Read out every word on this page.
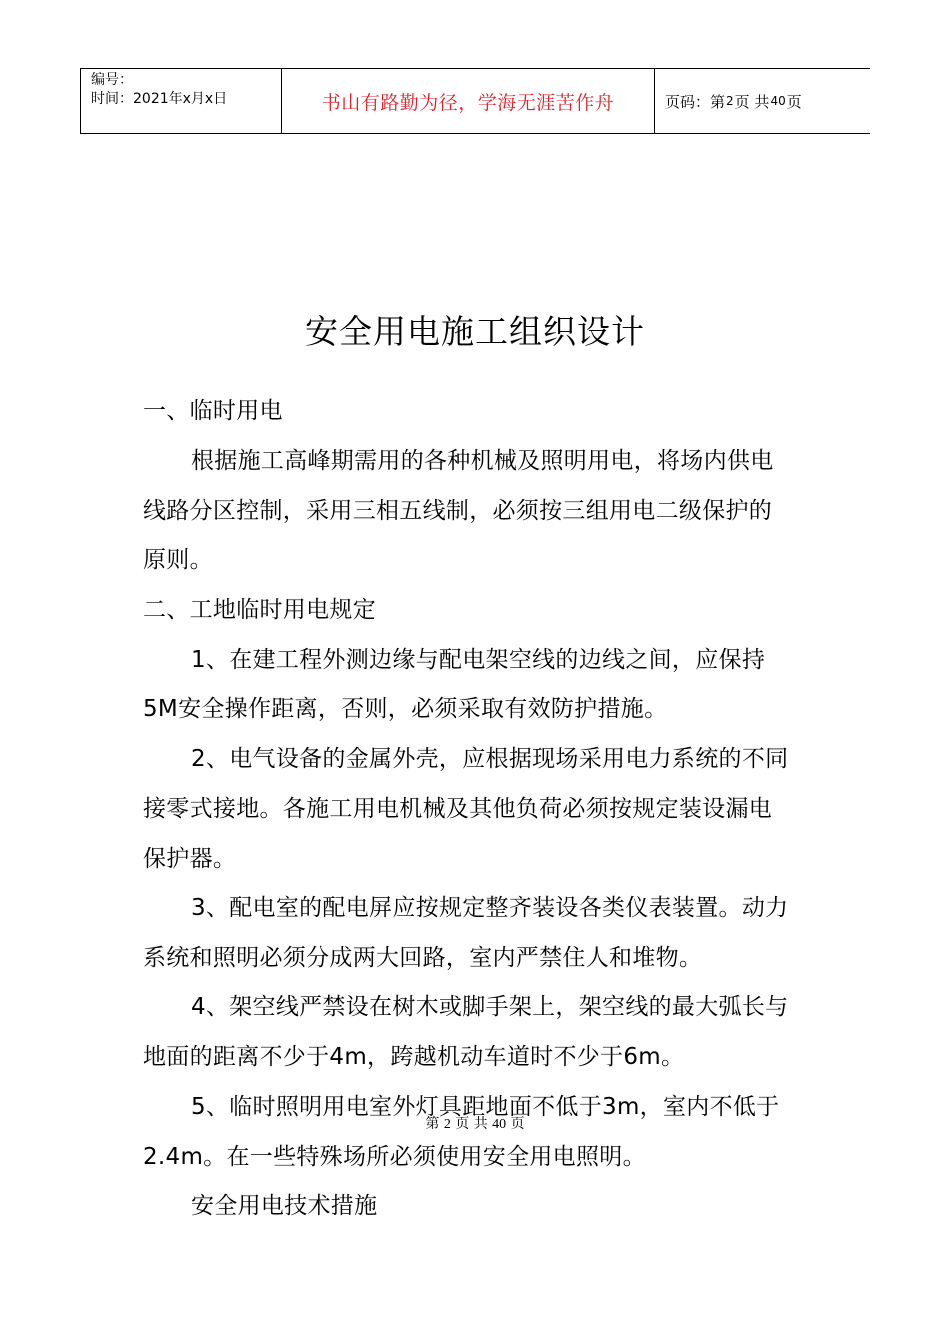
编号：
时间：2021年x月x日	书山有路勤为径，学海无涯苦作舟	页码：第 2 页 共 40 页
安全用电施工组织设计
一、临时用电
根据施工高峰期需用的各种机械及照明用电，将场内供电
线路分区控制，采用三相五线制，必须按三组用电二级保护的
原则。
二、工地临时用电规定
1、在建工程外测边缘与配电架空线的边线之间，应保持
5M安全操作距离，否则，必须采取有效防护措施。
2、电气设备的金属外壳，应根据现场采用电力系统的不同
接零式接地。各施工用电机械及其他负荷必须按规定装设漏电
保护器。
3、配电室的配电屏应按规定整齐装设各类仪表装置。动力
系统和照明必须分成两大回路，室内严禁住人和堆物。
4、架空线严禁设在树木或脚手架上，架空线的最大弧长与
地面的距离不少于4m，跨越机动车道时不少于6m。
5、临时照明用电室外灯具距地面不低于3m，室内不低于
2.4m。在一些特殊场所必须使用安全用电照明。
安全用电技术措施
第 2 页 共 40 页
